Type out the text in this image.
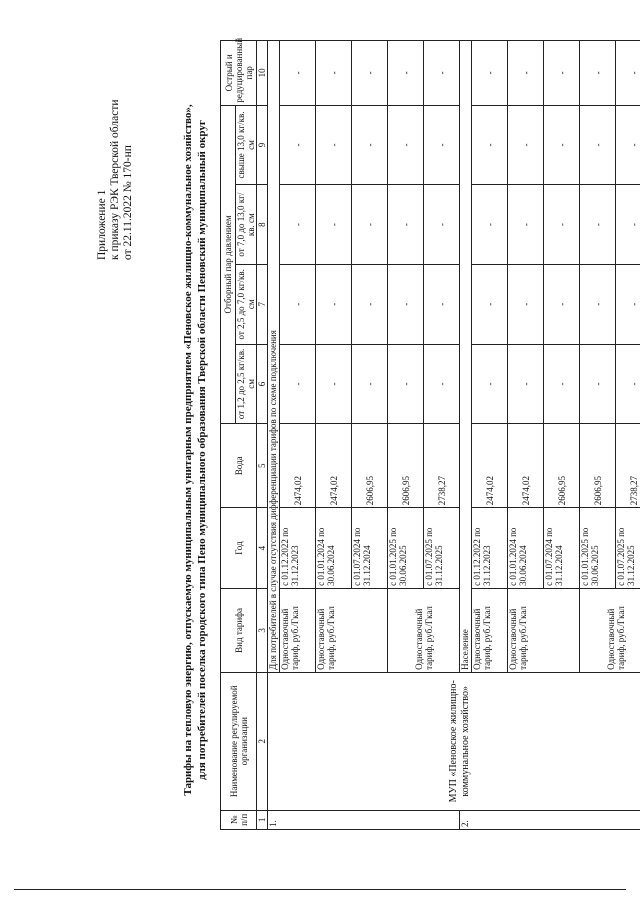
Приложение 1 к приказу РЭК Тверской области от 22.11.2022 № 170-нп	Тарифы на тепловую энергию, отпускаемую муниципальным унитарным предприятием «Пеновское жилищно-коммунальное хозяйство», для потребителей поселка городского типа Пено муниципального образования Тверской области Пеновский муниципальный округ
№ п/п	Наименование регулируемой организации	Вид тарифа	Год	Вода	Отборный пар давлением				Острый и редуцированный пар
					от 1,2 до 2,5 кг/кв. см	от 2,5 до 7,0 кг/кв. см	от 7,0 до 13,0 кг/кв. см	свыше 13,0 кг/кв. см	
1	2	3	4	5	6	7	8	9	10
1.	МУП «Пеновское жилищно-коммунальное хозяйство»	Для потребителей в случае отсутствия дифференциации тарифов по схеме подключения							
		Одноставочный тариф, руб./Гкал	с 01.12.2022 по 31.12.2023	2474,02	-	-	-	-	-
		Одноставочный тариф, руб./Гкал	с 01.01.2024 по 30.06.2024	2474,02	-	-	-	-	-
			с 01.07.2024 по 31.12.2024	2606,95	-	-	-	-	-
		Одноставочный тариф, руб./Гкал	с 01.01.2025 по 30.06.2025	2606,95	-	-	-	-	-
			с 01.07.2025 по 31.12.2025	2738,27	-	-	-	-	-
2.		Население							
		Одноставочный тариф, руб./Гкал	с 01.12.2022 по 31.12.2023	2474,02	-	-	-	-	-
		Одноставочный тариф, руб./Гкал	с 01.01.2024 по 30.06.2024	2474,02	-	-	-	-	-
			с 01.07.2024 по 31.12.2024	2606,95	-	-	-	-	-
		Одноставочный тариф, руб./Гкал	с 01.01.2025 по 30.06.2025	2606,95	-	-	-	-	-
			с 01.07.2025 по 31.12.2025	2738,27	-	-	-	-	-
